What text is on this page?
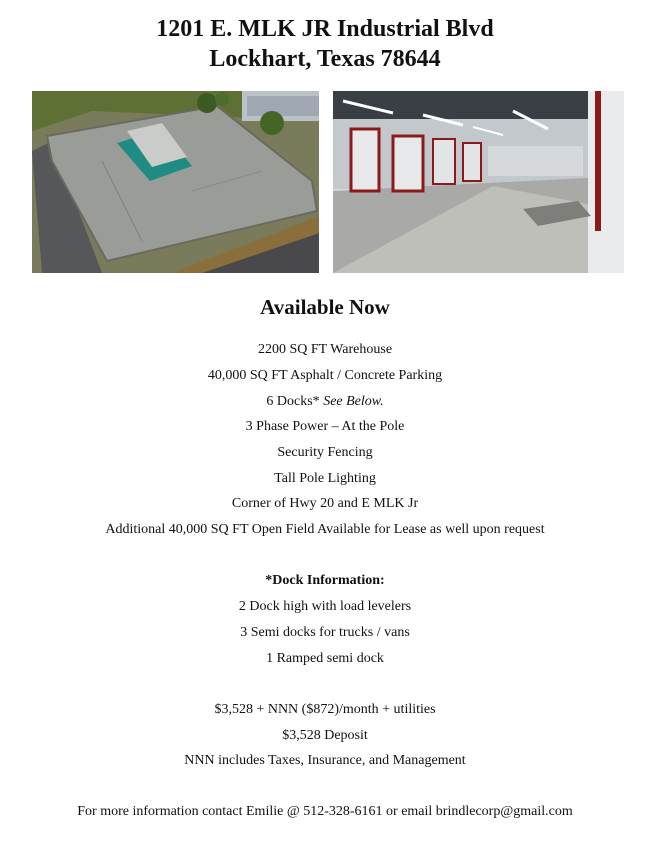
1201 E. MLK JR Industrial Blvd
Lockhart, Texas 78644
Available Now
2200 SQ FT Warehouse
40,000 SQ FT Asphalt / Concrete Parking
6 Docks* See Below.
3 Phase Power – At the Pole
Security Fencing
Tall Pole Lighting
Corner of Hwy 20 and E MLK Jr
Additional 40,000 SQ FT Open Field Available for Lease as well upon request
*Dock Information:
2 Dock high with load levelers
3 Semi docks for trucks / vans
1 Ramped semi dock
$3,528 + NNN ($872)/month + utilities
$3,528 Deposit
NNN includes Taxes, Insurance, and Management
For more information contact Emilie @ 512-328-6161 or email brindlecorp@gmail.com
